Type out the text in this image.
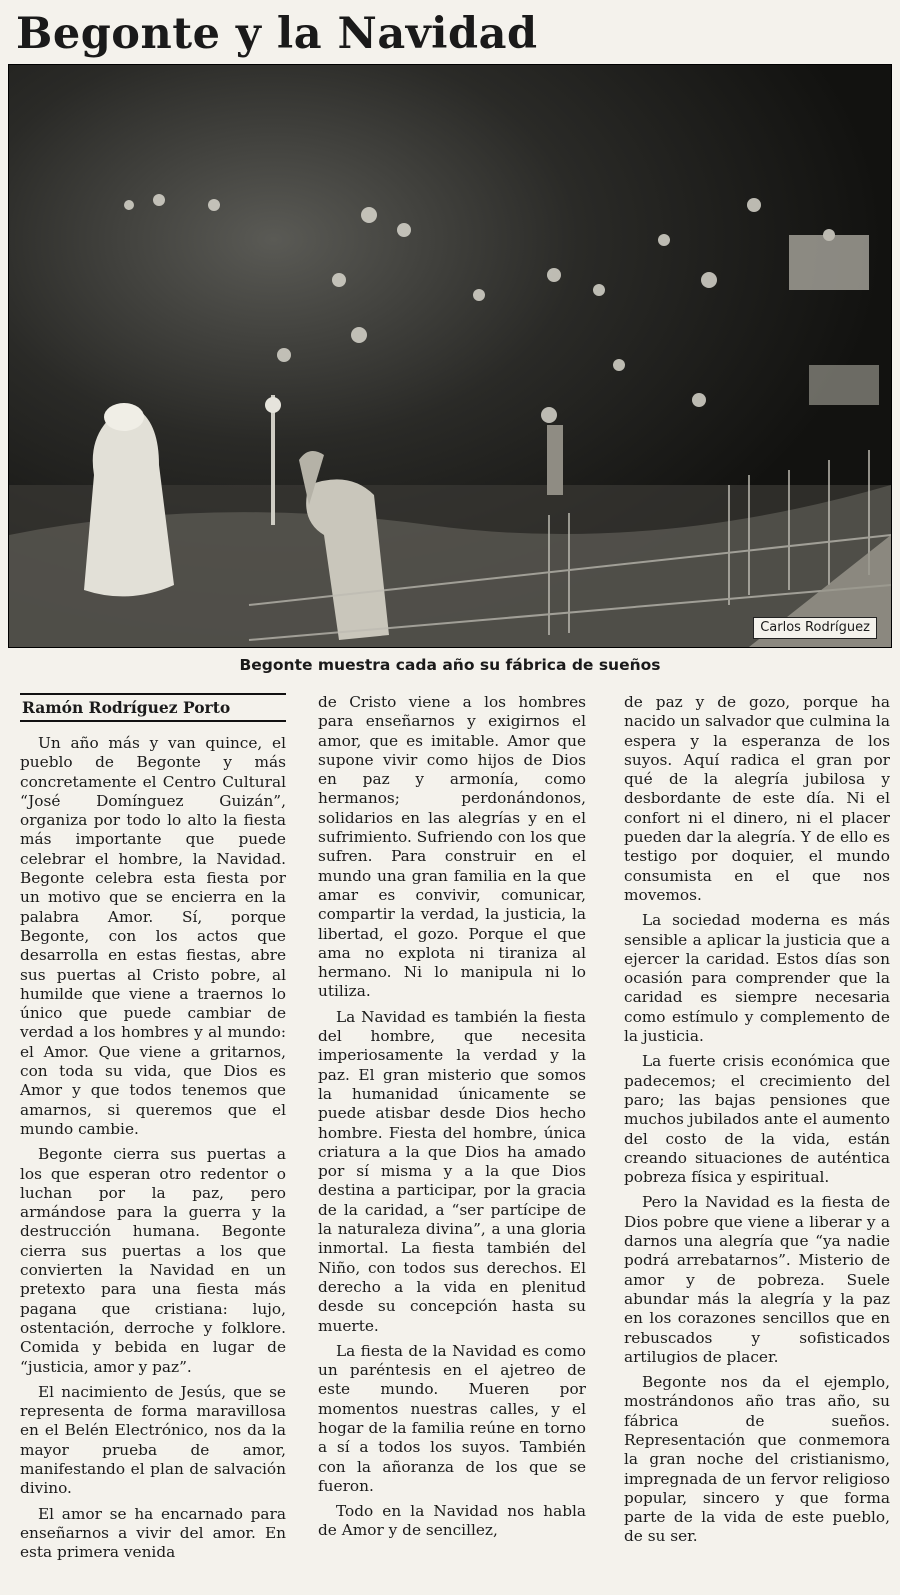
Begonte y la Navidad
Carlos Rodríguez
Begonte muestra cada año su fábrica de sueños
Ramón Rodríguez Porto

Un año más y van quince, el pueblo de Begonte y más concretamente el Centro Cultural “José Domínguez Guizán”, organiza por todo lo alto la fiesta más importante que puede celebrar el hombre, la Navidad. Begonte celebra esta fiesta por un motivo que se encierra en la palabra Amor. Sí, porque Begonte, con los actos que desarrolla en estas fiestas, abre sus puertas al Cristo pobre, al humilde que viene a traernos lo único que puede cambiar de verdad a los hombres y al mundo: el Amor. Que viene a gritarnos, con toda su vida, que Dios es Amor y que todos tenemos que amarnos, si queremos que el mundo cambie.

Begonte cierra sus puertas a los que esperan otro redentor o luchan por la paz, pero armándose para la guerra y la destrucción humana. Begonte cierra sus puertas a los que convierten la Navidad en un pretexto para una fiesta más pagana que cristiana: lujo, ostentación, derroche y folklore. Comida y bebida en lugar de “justicia, amor y paz”.

El nacimiento de Jesús, que se representa de forma maravillosa en el Belén Electrónico, nos da la mayor prueba de amor, manifestando el plan de salvación divino.

El amor se ha encarnado para enseñarnos a vivir del amor. En esta primera venida

de Cristo viene a los hombres para enseñarnos y exigirnos el amor, que es imitable. Amor que supone vivir como hijos de Dios en paz y armonía, como hermanos; perdonándonos, solidarios en las alegrías y en el sufrimiento. Sufriendo con los que sufren. Para construir en el mundo una gran familia en la que amar es convivir, comunicar, compartir la verdad, la justicia, la libertad, el gozo. Porque el que ama no explota ni tiraniza al hermano. Ni lo manipula ni lo utiliza.

La Navidad es también la fiesta del hombre, que necesita imperiosamente la verdad y la paz. El gran misterio que somos la humanidad únicamente se puede atisbar desde Dios hecho hombre. Fiesta del hombre, única criatura a la que Dios ha amado por sí misma y a la que Dios destina a participar, por la gracia de la caridad, a “ser partícipe de la naturaleza divina”, a una gloria inmortal. La fiesta también del Niño, con todos sus derechos. El derecho a la vida en plenitud desde su concepción hasta su muerte.

La fiesta de la Navidad es como un paréntesis en el ajetreo de este mundo. Mueren por momentos nuestras calles, y el hogar de la familia reúne en torno a sí a todos los suyos. También con la añoranza de los que se fueron.

Todo en la Navidad nos habla de Amor y de sencillez,

de paz y de gozo, porque ha nacido un salvador que culmina la espera y la esperanza de los suyos. Aquí radica el gran por qué de la alegría jubilosa y desbordante de este día. Ni el confort ni el dinero, ni el placer pueden dar la alegría. Y de ello es testigo por doquier, el mundo consumista en el que nos movemos.

La sociedad moderna es más sensible a aplicar la justicia que a ejercer la caridad. Estos días son ocasión para comprender que la caridad es siempre necesaria como estímulo y complemento de la justicia.

La fuerte crisis económica que padecemos; el crecimiento del paro; las bajas pensiones que muchos jubilados ante el aumento del costo de la vida, están creando situaciones de auténtica pobreza física y espiritual.

Pero la Navidad es la fiesta de Dios pobre que viene a liberar y a darnos una alegría que “ya nadie podrá arrebatarnos”. Misterio de amor y de pobreza. Suele abundar más la alegría y la paz en los corazones sencillos que en rebuscados y sofisticados artilugios de placer.

Begonte nos da el ejemplo, mostrándonos año tras año, su fábrica de sueños. Representación que conmemora la gran noche del cristianismo, impregnada de un fervor religioso popular, sincero y que forma parte de la vida de este pueblo, de su ser.
